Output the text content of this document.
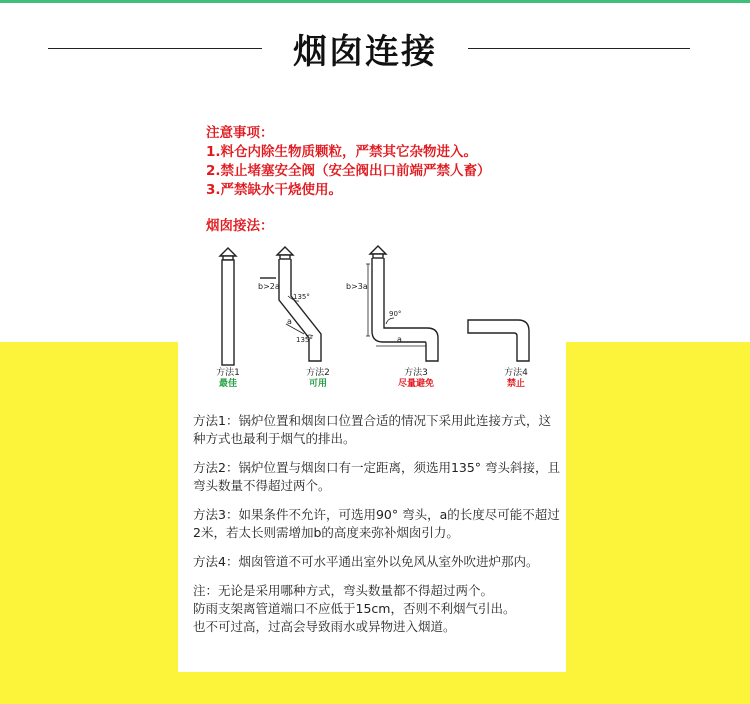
烟囱连接
注意事项：
1.料仓内除生物质颗粒，严禁其它杂物进入。
2.禁止堵塞安全阀（安全阀出口前端严禁人畜）
3.严禁缺水干烧使用。
烟囱接法：
b>2a
135°
a
135°
b>3a
90°
a
方法1
最佳
方法2
可用
方法3
尽量避免
方法4
禁止

方法1：锅炉位置和烟囱口位置合适的情况下采用此连接方式，这种方式也最利于烟气的排出。

方法2：锅炉位置与烟囱口有一定距离，须选用135° 弯头斜接，且弯头数量不得超过两个。

方法3：如果条件不允许，可选用90° 弯头，a的长度尽可能不超过2米，若太长则需增加b的高度来弥补烟囱引力。

方法4：烟囱管道不可水平通出室外以免风从室外吹进炉那内。

注：无论是采用哪种方式，弯头数量都不得超过两个。

防雨支架离管道端口不应低于15cm，否则不利烟气引出。

也不可过高，过高会导致雨水或异物进入烟道。
